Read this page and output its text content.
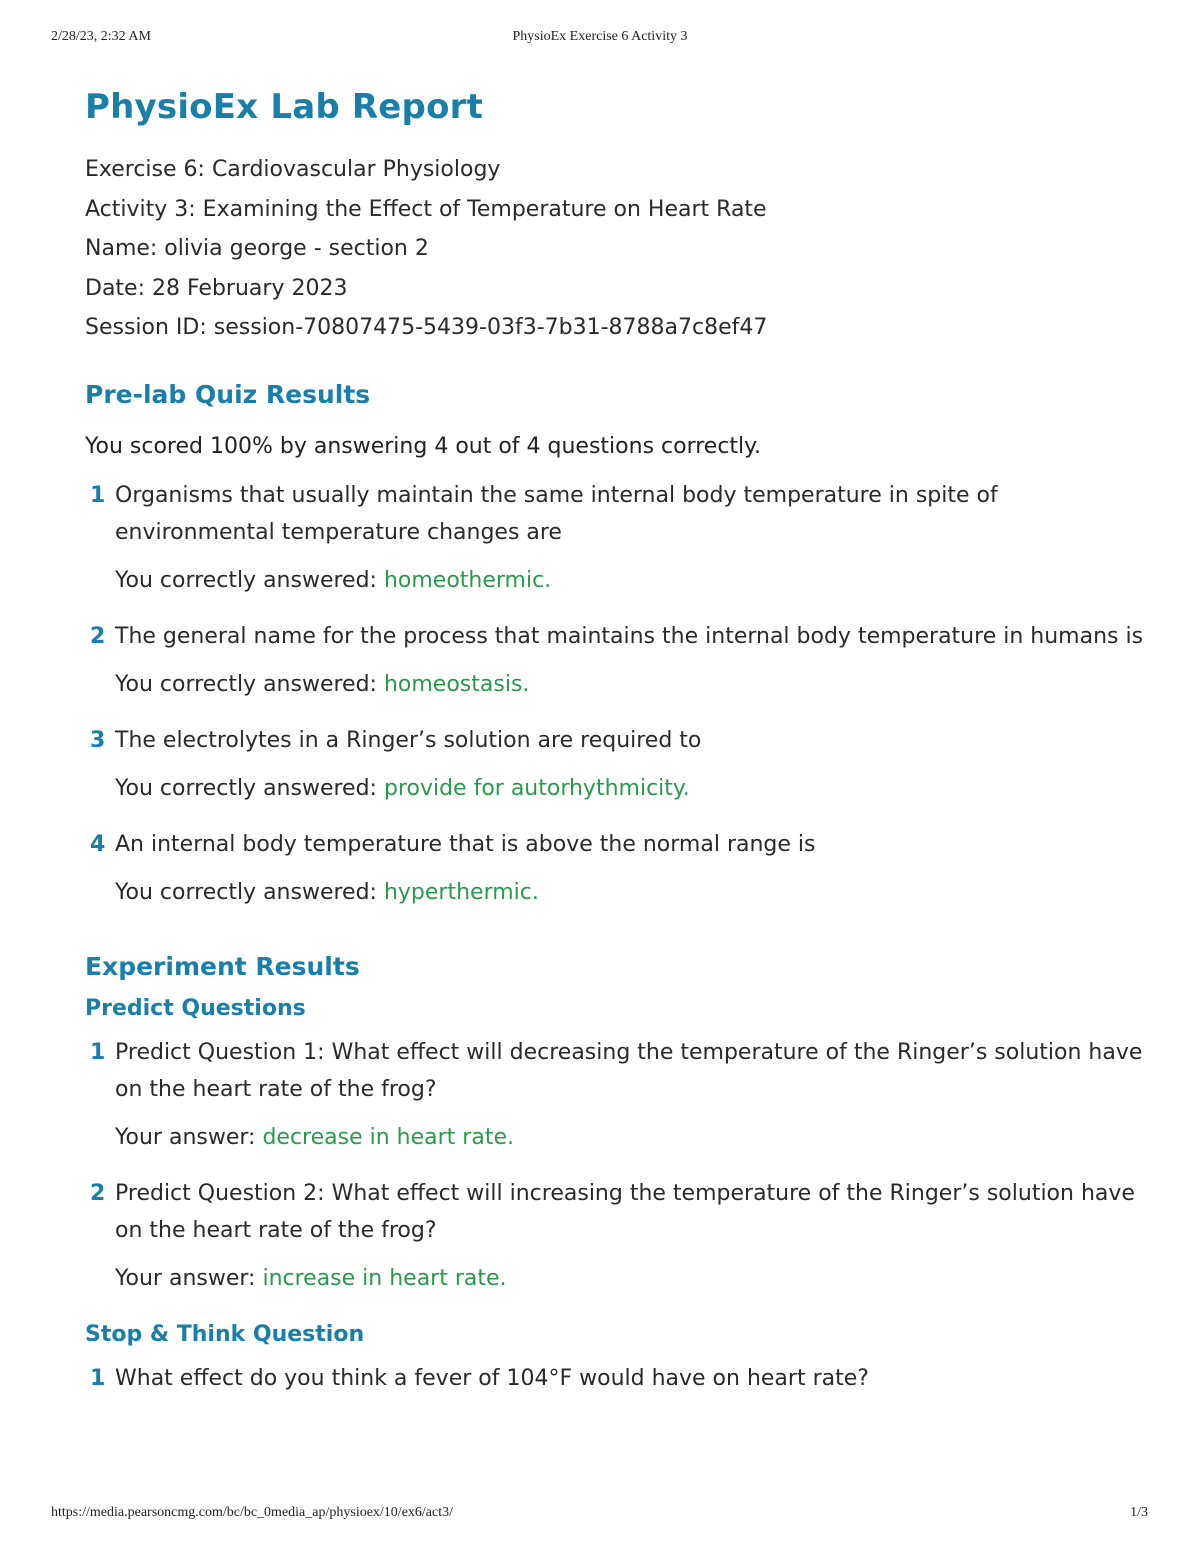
2/28/23, 2:32 AM	PhysioEx Exercise 6 Activity 3
PhysioEx Lab Report
Exercise 6: Cardiovascular Physiology
Activity 3: Examining the Effect of Temperature on Heart Rate
Name: olivia george - section 2
Date: 28 February 2023
Session ID: session-70807475-5439-03f3-7b31-8788a7c8ef47
Pre-lab Quiz Results
You scored 100% by answering 4 out of 4 questions correctly.
1 Organisms that usually maintain the same internal body temperature in spite of environmental temperature changes are
You correctly answered: homeothermic.
2 The general name for the process that maintains the internal body temperature in humans is
You correctly answered: homeostasis.
3 The electrolytes in a Ringer’s solution are required to
You correctly answered: provide for autorhythmicity.
4 An internal body temperature that is above the normal range is
You correctly answered: hyperthermic.
Experiment Results
Predict Questions
1 Predict Question 1: What effect will decreasing the temperature of the Ringer’s solution have on the heart rate of the frog?
Your answer: decrease in heart rate.
2 Predict Question 2: What effect will increasing the temperature of the Ringer’s solution have on the heart rate of the frog?
Your answer: increase in heart rate.
Stop & Think Question
1 What effect do you think a fever of 104°F would have on heart rate?
https://media.pearsoncmg.com/bc/bc_0media_ap/physioex/10/ex6/act3/	1/3
